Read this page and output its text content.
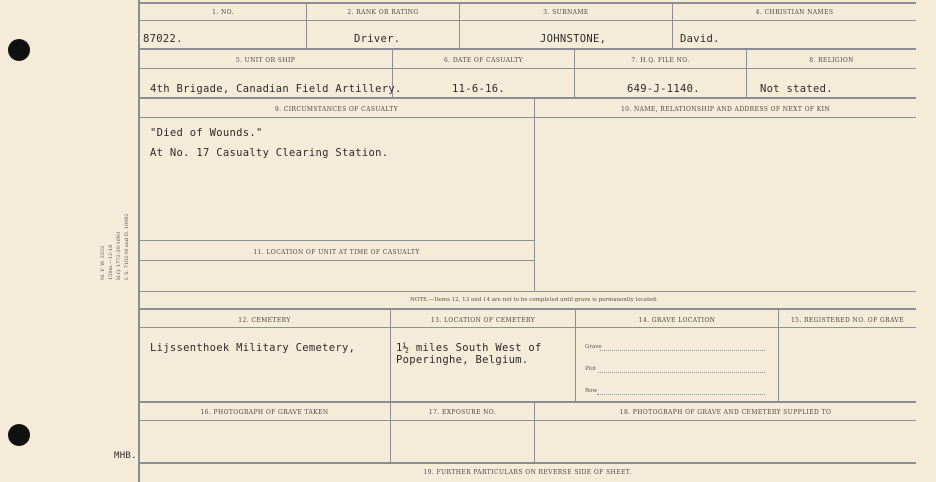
M. F. W. 3352 150m.—12-18 H.Q. 1772-39-1093 I. S. 7102-M and D. 10082
MHB.
1. NO.	2. RANK OR RATING	3. SURNAME	4. CHRISTIAN NAMES
87022.	Driver.	JOHNSTONE,	David.
5. UNIT OR SHIP	6. DATE OF CASUALTY	7. H.Q. FILE NO.	8. RELIGION
4th Brigade, Canadian Field Artillery.	11-6-16.	649-J-1140.	Not stated.
9. CIRCUMSTANCES OF CASUALTY	10. NAME, RELATIONSHIP AND ADDRESS OF NEXT OF KIN
"Died of Wounds."
At No. 17 Casualty Clearing Station.
11. LOCATION OF UNIT AT TIME OF CASUALTY
NOTE.—Items 12, 13 and 14 are not to be completed until grave is permanently located.
12. CEMETERY	13. LOCATION OF CEMETERY	14. GRAVE LOCATION	15. REGISTERED NO. OF GRAVE
Lijssenthoek Military Cemetery,	1½ miles South West of
Poperinghe, Belgium.
Grave
Plot
Row
16. PHOTOGRAPH OF GRAVE TAKEN	17. EXPOSURE NO.	18. PHOTOGRAPH OF GRAVE AND CEMETERY SUPPLIED TO
19. FURTHER PARTICULARS ON REVERSE SIDE OF SHEET.
